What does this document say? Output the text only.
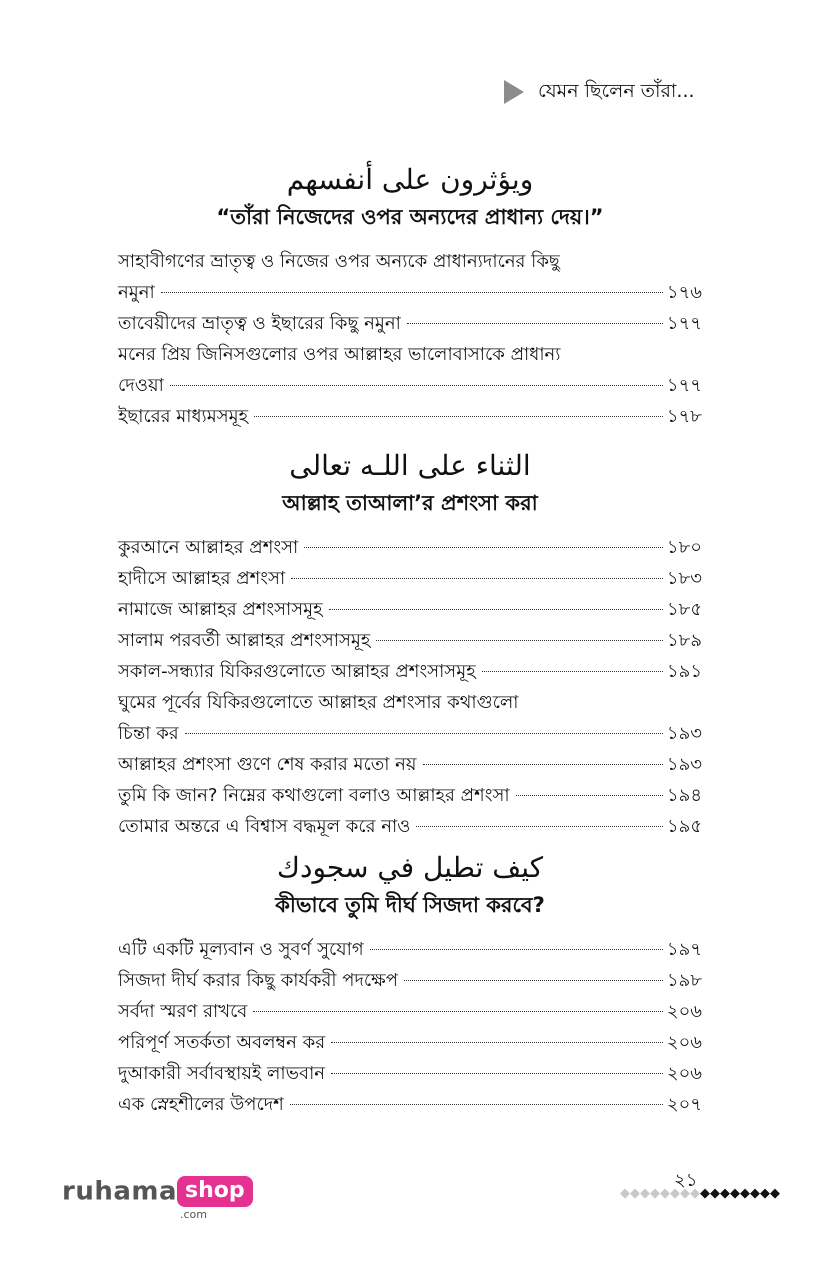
যেমন ছিলেন তাঁরা...
ويؤثرون على أنفسهم
“তাঁরা নিজেদের ওপর অন্যদের প্রাধান্য দেয়।”
সাহাবীগণের ভ্রাতৃত্ব ও নিজের ওপর অন্যকে প্রাধান্যদানের কিছু
নমুনা	১৭৬
তাবেয়ীদের ভ্রাতৃত্ব ও ইছারের কিছু নমুনা	১৭৭
মনের প্রিয় জিনিসগুলোর ওপর আল্লাহর ভালোবাসাকে প্রাধান্য
দেওয়া	১৭৭
ইছারের মাধ্যমসমূহ	১৭৮
الثناء على اللـه تعالى
আল্লাহ তাআলা’র প্রশংসা করা
কুরআনে আল্লাহর প্রশংসা	১৮০
হাদীসে আল্লাহর প্রশংসা	১৮৩
নামাজে আল্লাহর প্রশংসাসমূহ	১৮৫
সালাম পরবর্তী আল্লাহর প্রশংসাসমূহ	১৮৯
সকাল-সন্ধ্যার যিকিরগুলোতে আল্লাহর প্রশংসাসমূহ	১৯১
ঘুমের পূর্বের যিকিরগুলোতে আল্লাহর প্রশংসার কথাগুলো
চিন্তা কর	১৯৩
আল্লাহর প্রশংসা গুণে শেষ করার মতো নয়	১৯৩
তুমি কি জান? নিম্নের কথাগুলো বলাও আল্লাহর প্রশংসা	১৯৪
তোমার অন্তরে এ বিশ্বাস বদ্ধমূল করে নাও	১৯৫
كيف تطيل في سجودك
কীভাবে তুমি দীর্ঘ সিজদা করবে?
এটি একটি মূল্যবান ও সুবর্ণ সুযোগ	১৯৭
সিজদা দীর্ঘ করার কিছু কার্যকরী পদক্ষেপ	১৯৮
সর্বদা স্মরণ রাখবে	২০৬
পরিপূর্ণ সতর্কতা অবলম্বন কর	২০৬
দুআকারী সর্বাবস্থায়ই লাভবান	২০৬
এক স্নেহশীলের উপদেশ	২০৭
ruhama shop
.com
২১
◆◆◆◆◆◆◆◆◆◆◆◆◆◆◆◆
